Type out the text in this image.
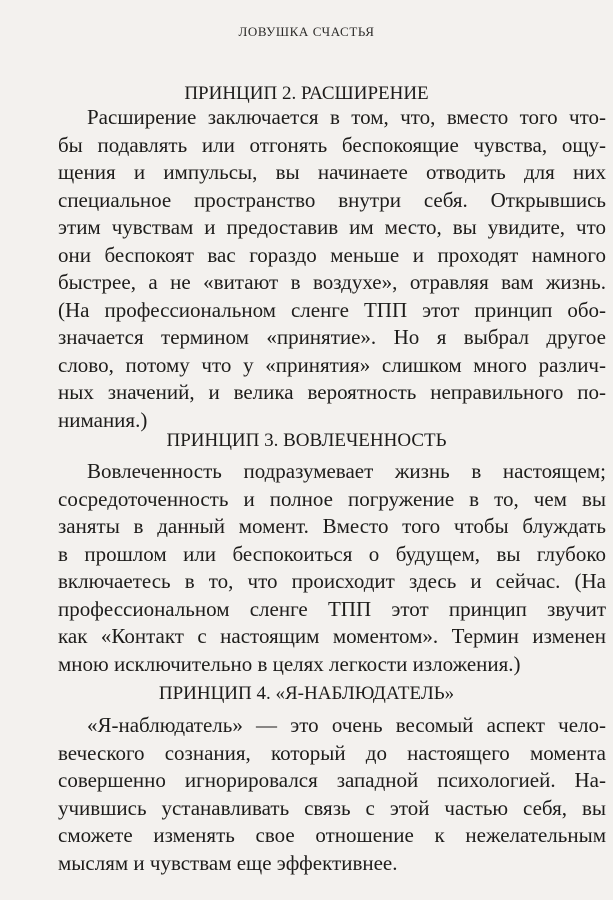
ЛОВУШКА СЧАСТЬЯ
ПРИНЦИП 2. РАСШИРЕНИЕ

Расширение заключается в том, что, вместо того что-
бы подавлять или отгонять беспокоящие чувства, ощу-
щения и импульсы, вы начинаете отводить для них
специальное пространство внутри себя. Открывшись
этим чувствам и предоставив им место, вы увидите, что
они беспокоят вас гораздо меньше и проходят намного
быстрее, а не «витают в воздухе», отравляя вам жизнь.
(На профессиональном сленге ТПП этот принцип обо-
значается термином «принятие». Но я выбрал другое
слово, потому что у «принятия» слишком много различ-
ных значений, и велика вероятность неправильного по-
нимания.)

ПРИНЦИП 3. ВОВЛЕЧЕННОСТЬ

Вовлеченность подразумевает жизнь в настоящем;
сосредоточенность и полное погружение в то, чем вы
заняты в данный момент. Вместо того чтобы блуждать
в прошлом или беспокоиться о будущем, вы глубоко
включаетесь в то, что происходит здесь и сейчас. (На
профессиональном сленге ТПП этот принцип звучит
как «Контакт с настоящим моментом». Термин изменен
мною исключительно в целях легкости изложения.)

ПРИНЦИП 4. «Я-НАБЛЮДАТЕЛЬ»

«Я-наблюдатель» — это очень весомый аспект чело-
веческого сознания, который до настоящего момента
совершенно игнорировался западной психологией. На-
учившись устанавливать связь с этой частью себя, вы
сможете изменять свое отношение к нежелательным
мыслям и чувствам еще эффективнее.
